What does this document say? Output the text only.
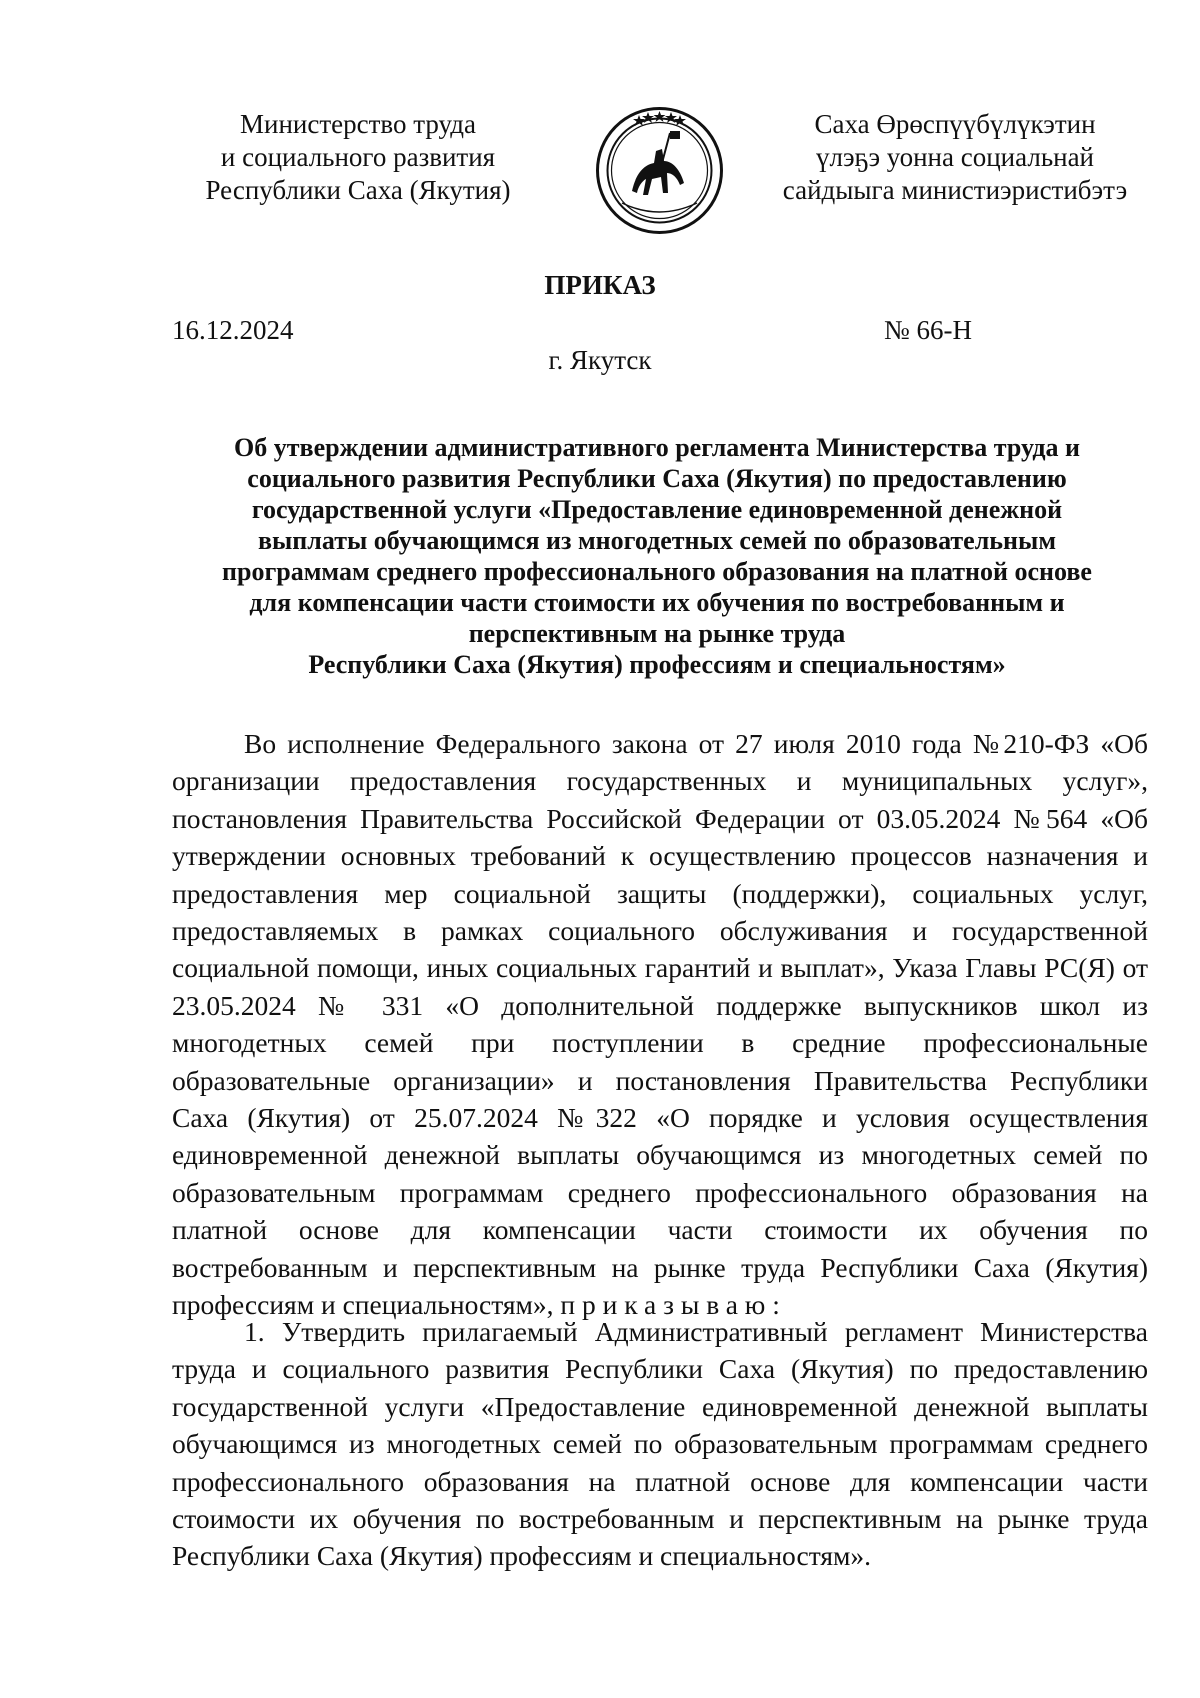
Министерство труда
и социального развития
Республики Саха (Якутия)
Саха Өрөспүүбүлүкэтин
үлэҕэ уонна социальнай
сайдыыга министиэристибэтэ
ПРИКАЗ
16.12.2024	№ 66-Н
г. Якутск
Об утверждении административного регламента Министерства труда и
социального развития Республики Саха (Якутия) по предоставлению
государственной услуги «Предоставление единовременной денежной
выплаты обучающимся из многодетных семей по образовательным
программам среднего профессионального образования на платной основе
для компенсации части стоимости их обучения по востребованным и
перспективным на рынке труда
Республики Саха (Якутия) профессиям и специальностям»
Во исполнение Федерального закона от 27 июля 2010 года №210-ФЗ «Об
организации предоставления государственных и муниципальных услуг»,
постановления Правительства Российской Федерации от 03.05.2024 №564 «Об
утверждении основных требований к осуществлению процессов назначения и
предоставления мер социальной защиты (поддержки), социальных услуг,
предоставляемых в рамках социального обслуживания и государственной
социальной помощи, иных социальных гарантий и выплат», Указа Главы РС(Я) от
23.05.2024 № 331 «О дополнительной поддержке выпускников школ из
многодетных семей при поступлении в средние профессиональные
образовательные организации» и постановления Правительства Республики
Саха (Якутия) от 25.07.2024 №322 «О порядке и условия осуществления
единовременной денежной выплаты обучающимся из многодетных семей по
образовательным программам среднего профессионального образования на
платной основе для компенсации части стоимости их обучения по
востребованным и перспективным на рынке труда Республики Саха (Якутия)
профессиям и специальностям», приказываю:
1. Утвердить прилагаемый Административный регламент Министерства
труда и социального развития Республики Саха (Якутия) по предоставлению
государственной услуги «Предоставление единовременной денежной выплаты
обучающимся из многодетных семей по образовательным программам среднего
профессионального образования на платной основе для компенсации части
стоимости их обучения по востребованным и перспективным на рынке труда
Республики Саха (Якутия) профессиям и специальностям».
